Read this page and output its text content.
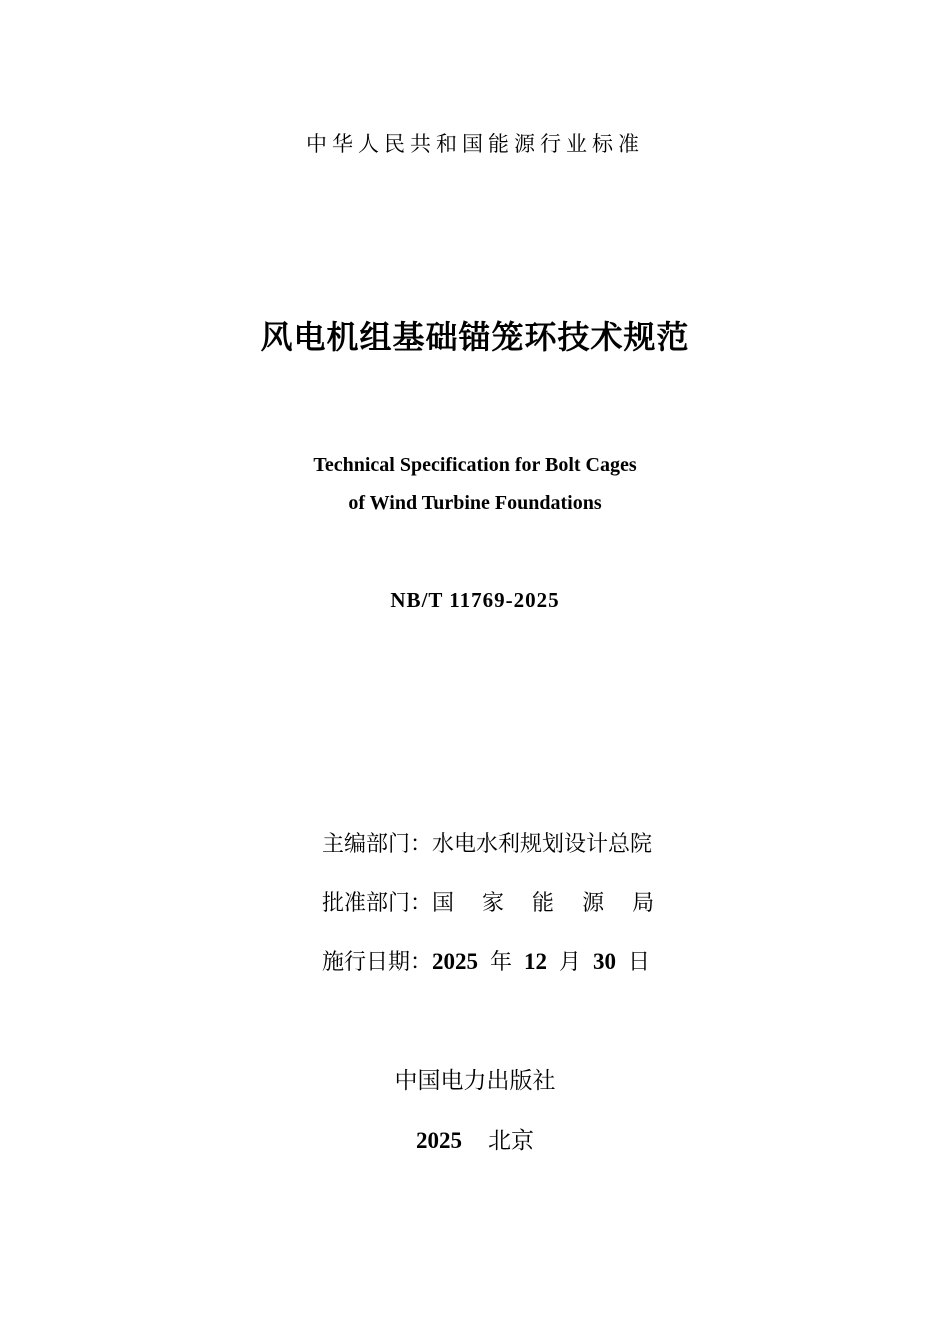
中华人民共和国能源行业标准
风电机组基础锚笼环技术规范
Technical Specification for Bolt Cages
of Wind Turbine Foundations
NB/T 11769-2025
主编部门：水电水利规划设计总院
批准部门：国 家 能 源 局
施行日期：2025 年 12 月 30 日
中国电力出版社
2025 北京
